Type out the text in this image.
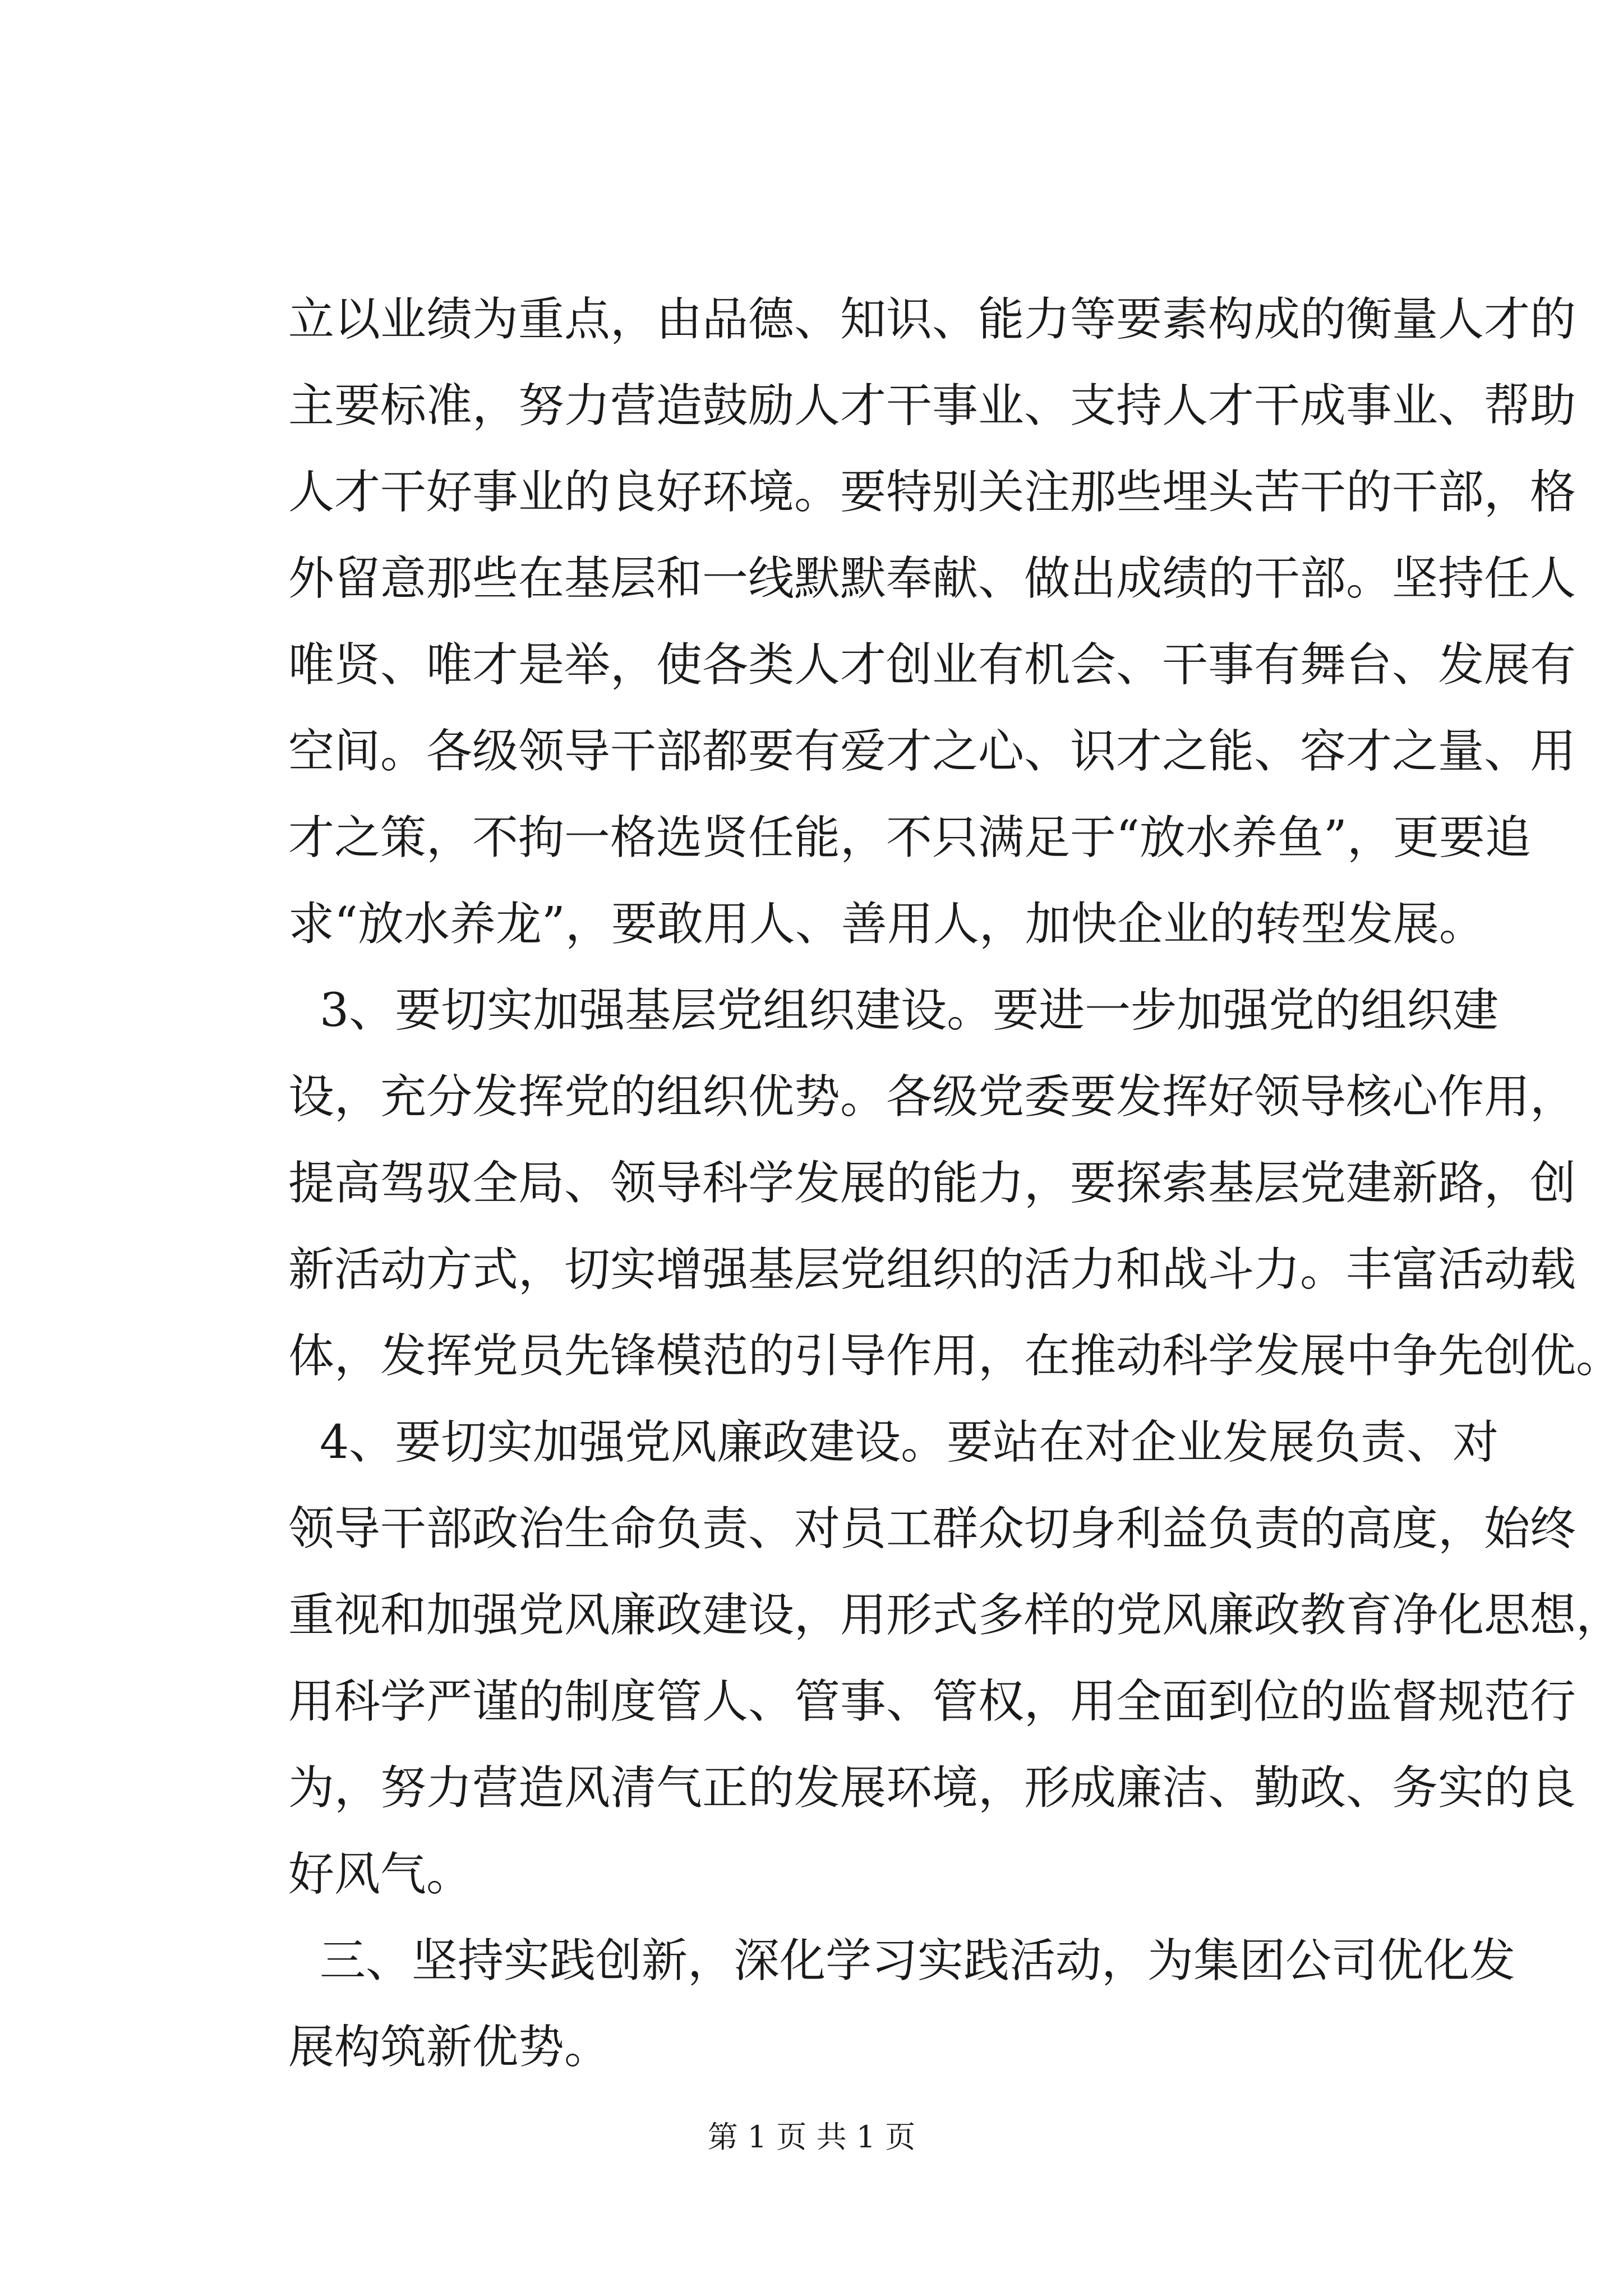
立以业绩为重点，由品德、知识、能力等要素构成的衡量人才的
主要标准，努力营造鼓励人才干事业、支持人才干成事业、帮助
人才干好事业的良好环境。要特别关注那些埋头苦干的干部，格
外留意那些在基层和一线默默奉献、做出成绩的干部。坚持任人
唯贤、唯才是举，使各类人才创业有机会、干事有舞台、发展有
空间。各级领导干部都要有爱才之心、识才之能、容才之量、用
才之策，不拘一格选贤任能，不只满足于“放水养鱼”，更要追
求“放水养龙”，要敢用人、善用人，加快企业的转型发展。
3、要切实加强基层党组织建设。要进一步加强党的组织建
设，充分发挥党的组织优势。各级党委要发挥好领导核心作用，
提高驾驭全局、领导科学发展的能力，要探索基层党建新路，创
新活动方式，切实增强基层党组织的活力和战斗力。丰富活动载
体，发挥党员先锋模范的引导作用，在推动科学发展中争先创优。
4、要切实加强党风廉政建设。要站在对企业发展负责、对
领导干部政治生命负责、对员工群众切身利益负责的高度，始终
重视和加强党风廉政建设，用形式多样的党风廉政教育净化思想，
用科学严谨的制度管人、管事、管权，用全面到位的监督规范行
为，努力营造风清气正的发展环境，形成廉洁、勤政、务实的良
好风气。
三、坚持实践创新，深化学习实践活动，为集团公司优化发
展构筑新优势。
第 1 页 共 1 页
